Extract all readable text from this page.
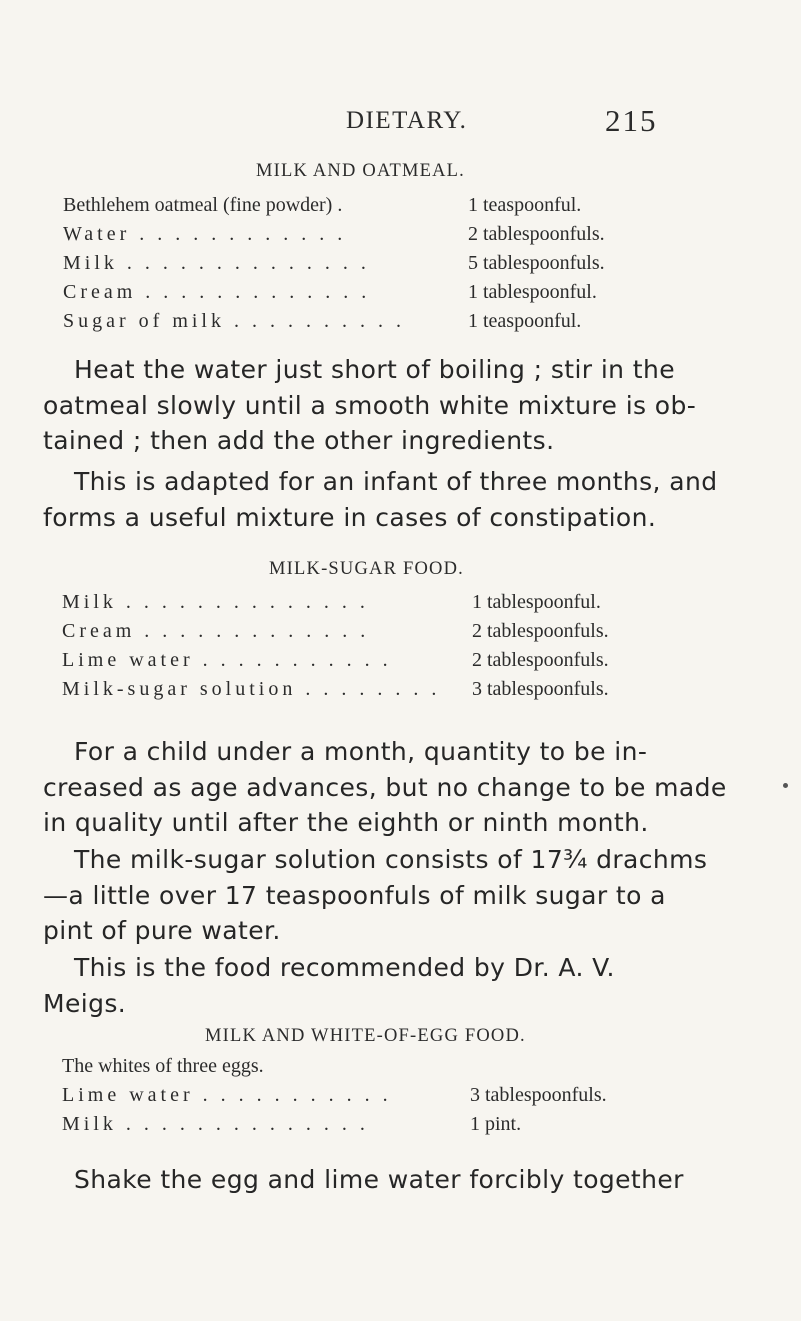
DIETARY.	215
MILK AND OATMEAL.
Bethlehem oatmeal (fine powder) .	1 teaspoonful.
Water . . . . . . . . . . . .	2 tablespoonfuls.
Milk . . . . . . . . . . . . . .	5 tablespoonfuls.
Cream . . . . . . . . . . . . .	1 tablespoonful.
Sugar of milk . . . . . . . . . .	1 teaspoonful.
Heat the water just short of boiling ; stir in the
oatmeal slowly until a smooth white mixture is ob-
tained ; then add the other ingredients.
This is adapted for an infant of three months, and
forms a useful mixture in cases of constipation.
MILK-SUGAR FOOD.
Milk . . . . . . . . . . . . . .	1 tablespoonful.
Cream . . . . . . . . . . . . .	2 tablespoonfuls.
Lime water . . . . . . . . . . .	2 tablespoonfuls.
Milk-sugar solution . . . . . . . . 3 tablespoonfuls.
For a child under a month, quantity to be in-
creased as age advances, but no change to be made
in quality until after the eighth or ninth month.
The milk-sugar solution consists of 17¾ drachms
—a little over 17 teaspoonfuls of milk sugar to a
pint of pure water.
This is the food recommended by Dr. A. V.
Meigs.
MILK AND WHITE-OF-EGG FOOD.
The whites of three eggs.
Lime water . . . . . . . . . . .	3 tablespoonfuls.
Milk . . . . . . . . . . . . . .	1 pint.
Shake the egg and lime water forcibly together
